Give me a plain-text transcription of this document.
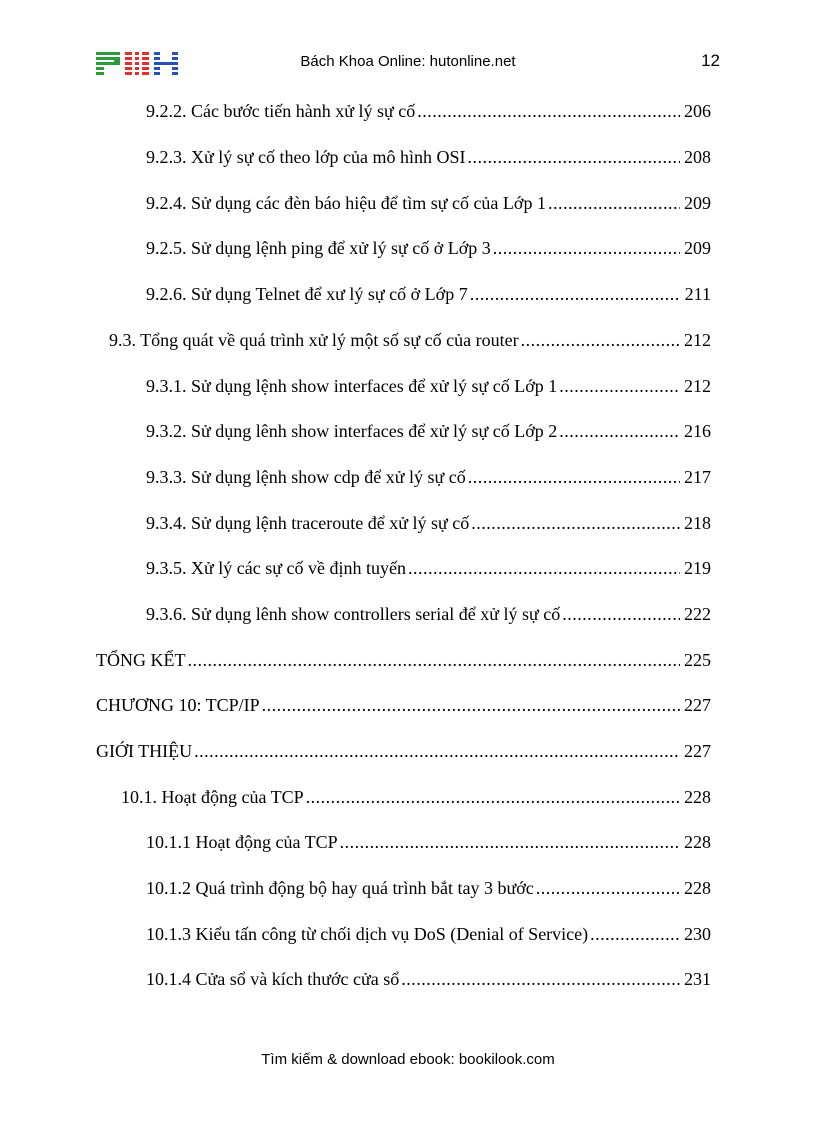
Bách Khoa Online: hutonline.net	12
9.2.2. Các bước tiến hành xử lý sự cố .....	206
9.2.3. Xử lý sự cố theo lớp của mô hình OSI .....	208
9.2.4. Sử dụng các đèn báo hiệu để tìm sự cố của Lớp 1 .....	209
9.2.5. Sử dụng lệnh ping để xử lý sự cố ở Lớp 3 .....	209
9.2.6. Sử dụng Telnet để xư lý sự cố ở Lớp 7 .....	211
9.3. Tổng quát về quá trình xử lý một số sự cố của router .....	212
9.3.1. Sử dụng lệnh show interfaces để xử lý sự cố Lớp 1 .....	212
9.3.2. Sử dụng lênh show interfaces để xử lý sự cố Lớp 2 .....	216
9.3.3. Sử dụng lệnh show cdp để xử lý sự cố .....	217
9.3.4. Sử dụng lệnh traceroute để xử lý sự cố .....	218
9.3.5. Xử lý các sự cố về định tuyến .....	219
9.3.6. Sử dụng lênh show controllers serial để xử lý sự cố .....	222
TỔNG KẾT .....	225
CHƯƠNG 10: TCP/IP .....	227
GIỚI THIỆU .....	227
10.1. Hoạt động của TCP .....	228
10.1.1 Hoạt động của TCP .....	228
10.1.2 Quá trình động bộ hay quá trình bắt tay 3 bước .....	228
10.1.3 Kiểu tấn công từ chối dịch vụ DoS (Denial of Service) .....	230
10.1.4 Cửa sổ và kích thước cửa sổ .....	231
Tìm kiếm & download ebook: bookilook.com
